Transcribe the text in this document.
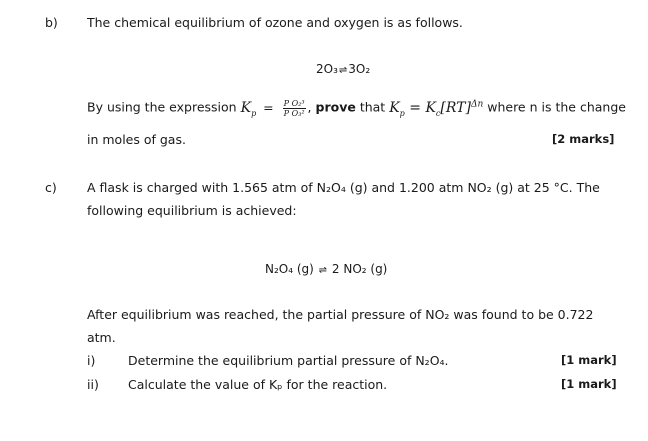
b) The chemical equilibrium of ozone and oxygen is as follows.
2O₃⇌3O₂
By using the expression $K_p = \frac{\text{P O₂³}}{\text{P O₃²}}$ , prove that $K_p = K_c[RT]^{\Delta n}$ where n is the change
in moles of gas.	[2 marks]
c) A flask is charged with 1.565 atm of N₂O₄ (g) and 1.200 atm NO₂ (g) at 25 °C. The
following equilibrium is achieved:
N₂O₄ (g) ⇌ 2 NO₂ (g)
After equilibrium was reached, the partial pressure of NO₂ was found to be 0.722
atm.
i)	Determine the equilibrium partial pressure of N₂O₄.	[1 mark]
ii) Calculate the value of Kₚ for the reaction.	[1 mark]
